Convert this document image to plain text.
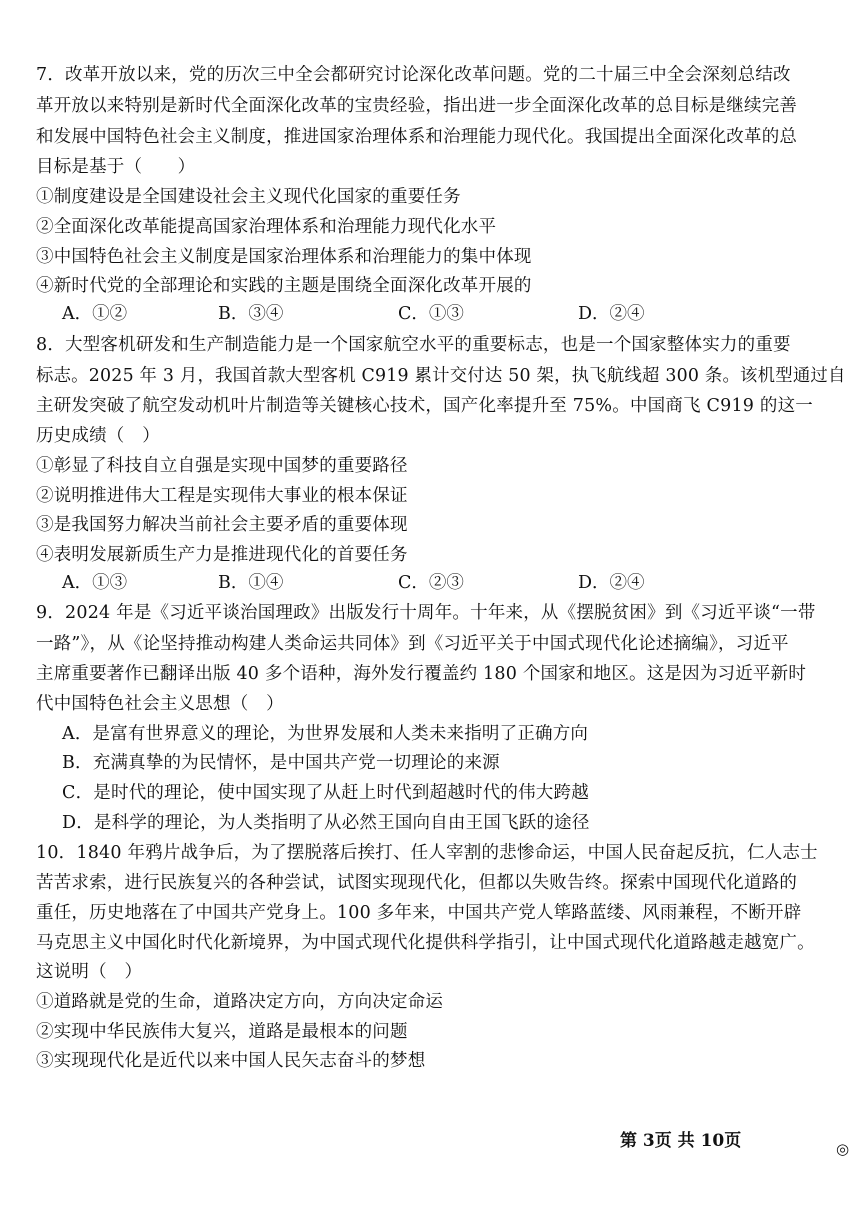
7．改革开放以来，党的历次三中全会都研究讨论深化改革问题。党的二十届三中全会深刻总结改
革开放以来特别是新时代全面深化改革的宝贵经验，指出进一步全面深化改革的总目标是继续完善
和发展中国特色社会主义制度，推进国家治理体系和治理能力现代化。我国提出全面深化改革的总
目标是基于（　　）
①制度建设是全国建设社会主义现代化国家的重要任务
②全面深化改革能提高国家治理体系和治理能力现代化水平
③中国特色社会主义制度是国家治理体系和治理能力的集中体现
④新时代党的全部理论和实践的主题是围绕全面深化改革开展的
A．①②	B．③④	C．①③	D．②④
8．大型客机研发和生产制造能力是一个国家航空水平的重要标志，也是一个国家整体实力的重要
标志。2025 年 3 月，我国首款大型客机 C919 累计交付达 50 架，执飞航线超 300 条。该机型通过自
主研发突破了航空发动机叶片制造等关键核心技术，国产化率提升至 75%。中国商飞 C919 的这一
历史成绩（　）
①彰显了科技自立自强是实现中国梦的重要路径
②说明推进伟大工程是实现伟大事业的根本保证
③是我国努力解决当前社会主要矛盾的重要体现
④表明发展新质生产力是推进现代化的首要任务
A．①③	B．①④	C．②③	D．②④
9．2024 年是《习近平谈治国理政》出版发行十周年。十年来，从《摆脱贫困》到《习近平谈“一带
一路”》，从《论坚持推动构建人类命运共同体》到《习近平关于中国式现代化论述摘编》，习近平
主席重要著作已翻译出版 40 多个语种，海外发行覆盖约 180 个国家和地区。这是因为习近平新时
代中国特色社会主义思想（　）
A．是富有世界意义的理论，为世界发展和人类未来指明了正确方向
B．充满真挚的为民情怀，是中国共产党一切理论的来源
C．是时代的理论，使中国实现了从赶上时代到超越时代的伟大跨越
D．是科学的理论，为人类指明了从必然王国向自由王国飞跃的途径
10．1840 年鸦片战争后，为了摆脱落后挨打、任人宰割的悲惨命运，中国人民奋起反抗，仁人志士
苦苦求索，进行民族复兴的各种尝试，试图实现现代化，但都以失败告终。探索中国现代化道路的
重任，历史地落在了中国共产党身上。100 多年来，中国共产党人筚路蓝缕、风雨兼程，不断开辟
马克思主义中国化时代化新境界，为中国式现代化提供科学指引，让中国式现代化道路越走越宽广。
这说明（　）
①道路就是党的生命，道路决定方向，方向决定命运
②实现中华民族伟大复兴，道路是最根本的问题
③实现现代化是近代以来中国人民矢志奋斗的梦想
第 3页 共 10页	◎
